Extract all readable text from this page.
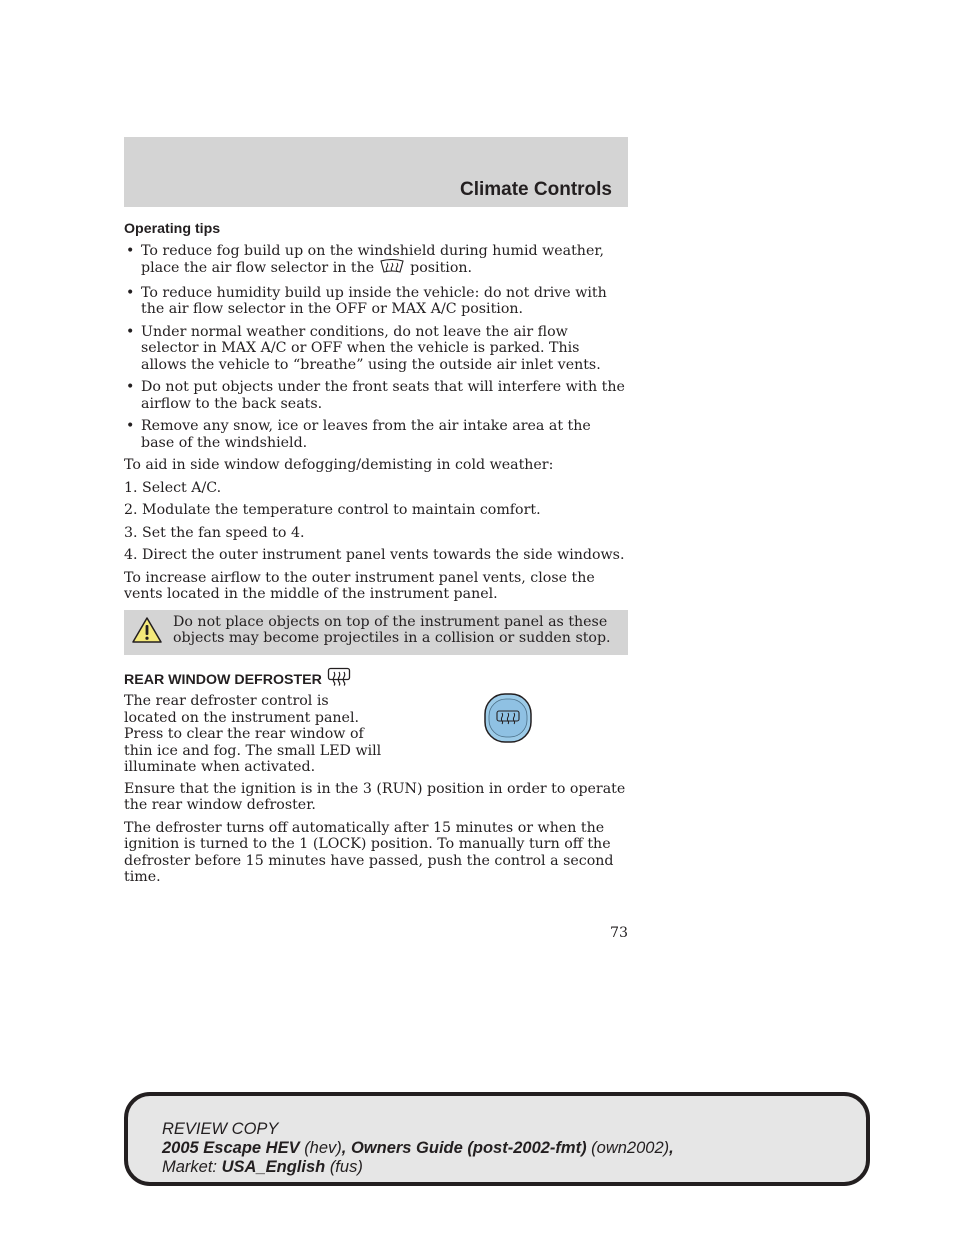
Climate Controls
Operating tips
• To reduce fog build up on the windshield during humid weather, place the air flow selector in the	position.
• To reduce humidity build up inside the vehicle: do not drive with the air flow selector in the OFF or MAX A/C position.
• Under normal weather conditions, do not leave the air flow selector in MAX A/C or OFF when the vehicle is parked. This allows the vehicle to “breathe” using the outside air inlet vents.
• Do not put objects under the front seats that will interfere with the airflow to the back seats.
• Remove any snow, ice or leaves from the air intake area at the base of the windshield.

To aid in side window defogging/demisting in cold weather:

1. Select A/C.

2. Modulate the temperature control to maintain comfort.

3. Set the fan speed to 4.

4. Direct the outer instrument panel vents towards the side windows.

To increase airflow to the outer instrument panel vents, close the vents located in the middle of the instrument panel.

Do not place objects on top of the instrument panel as these objects may become projectiles in a collision or sudden stop.
REAR WINDOW DEFROSTER

The rear defroster control is located on the instrument panel. Press to clear the rear window of thin ice and fog. The small LED will illuminate when activated.

Ensure that the ignition is in the 3 (RUN) position in order to operate the rear window defroster.

The defroster turns off automatically after 15 minutes or when the ignition is turned to the 1 (LOCK) position. To manually turn off the defroster before 15 minutes have passed, push the control a second time.

73
REVIEW COPY
2005 Escape HEV (hev), Owners Guide (post-2002-fmt) (own2002),
Market: USA_English (fus)
